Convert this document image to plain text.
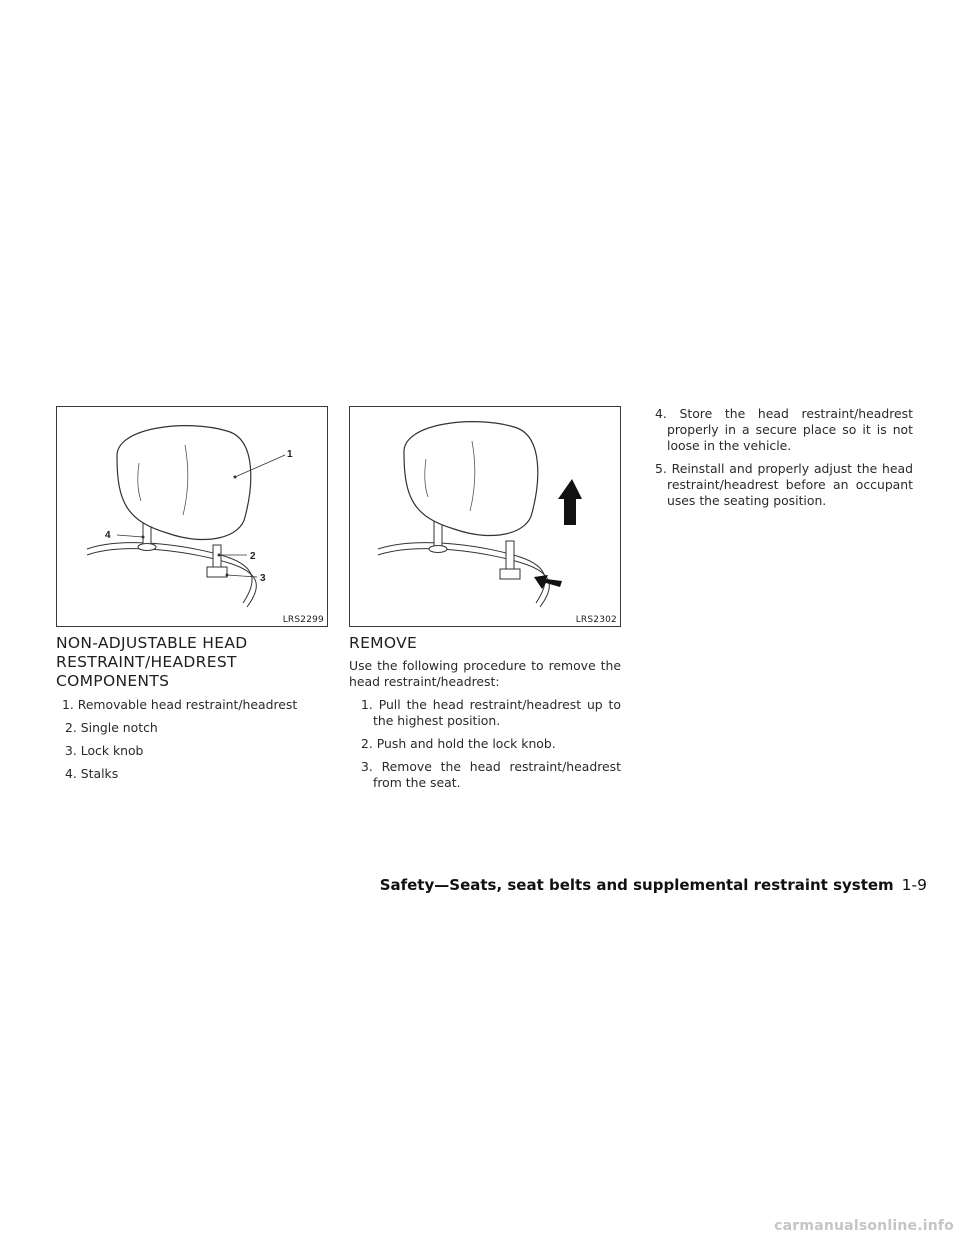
1
2
3
4
LRS2299	LRS2302
NON-ADJUSTABLE HEAD RESTRAINT/HEADREST COMPONENTS
1. Removable head restraint/headrest
2. Single notch
3. Lock knob
4. Stalks
REMOVE

Use the following procedure to remove the head restraint/headrest:

1. Pull the head restraint/headrest up to the highest position.
2. Push and hold the lock knob.
3. Remove the head restraint/headrest from the seat.
4. Store the head restraint/headrest properly in a secure place so it is not loose in the vehicle.
5. Reinstall and properly adjust the head restraint/headrest before an occupant uses the seating position.
Safety—Seats, seat belts and supplemental restraint system 1-9
carmanualsonline.info
